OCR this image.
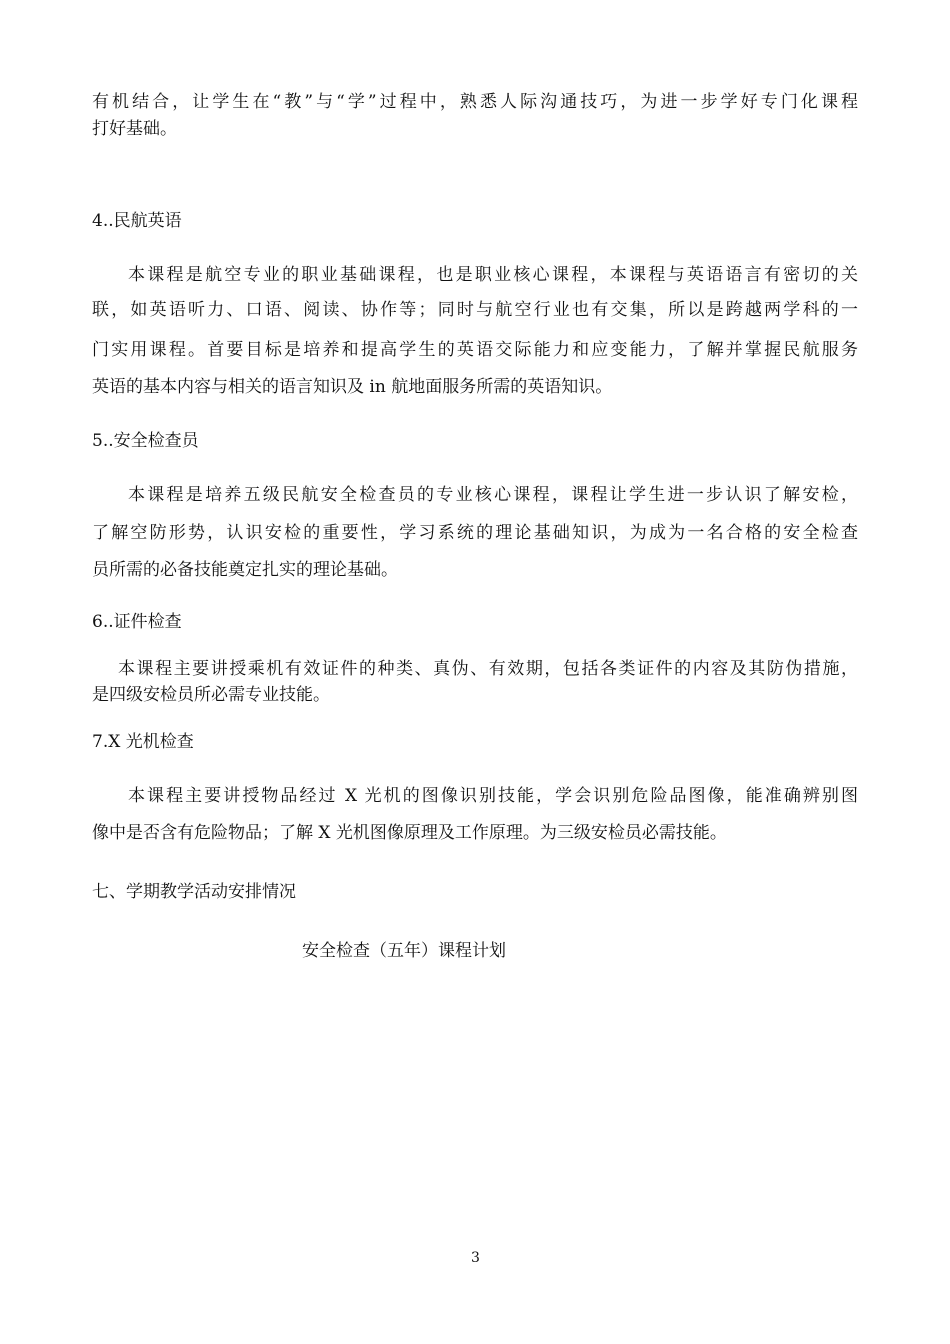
有机结合，让学生在“教”与“学”过程中，熟悉人际沟通技巧，为进一步学好专门化课程
打好基础。
4..民航英语
本课程是航空专业的职业基础课程，也是职业核心课程，本课程与英语语言有密切的关
联，如英语听力、口语、阅读、协作等；同时与航空行业也有交集，所以是跨越两学科的一
门实用课程。首要目标是培养和提高学生的英语交际能力和应变能力，了解并掌握民航服务
英语的基本内容与相关的语言知识及 in 航地面服务所需的英语知识。
5..安全检查员
本课程是培养五级民航安全检查员的专业核心课程，课程让学生进一步认识了解安检，
了解空防形势，认识安检的重要性，学习系统的理论基础知识，为成为一名合格的安全检查
员所需的必备技能奠定扎实的理论基础。
6..证件检查
本课程主要讲授乘机有效证件的种类、真伪、有效期，包括各类证件的内容及其防伪措施，
是四级安检员所必需专业技能。
7.X 光机检查
本课程主要讲授物品经过 X 光机的图像识别技能，学会识别危险品图像，能准确辨别图
像中是否含有危险物品；了解 X 光机图像原理及工作原理。为三级安检员必需技能。
七、学期教学活动安排情况
安全检查（五年）课程计划
3
